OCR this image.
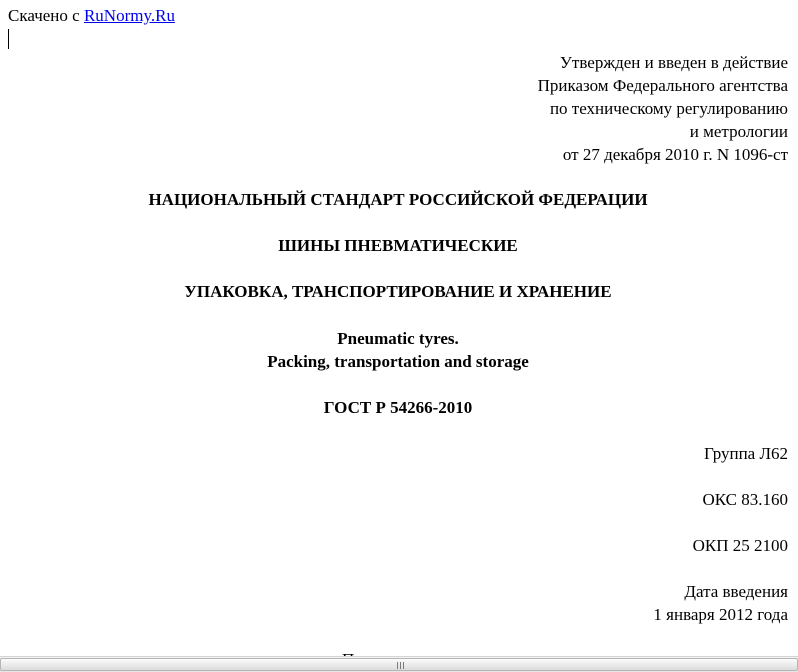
Скачено с RuNormy.Ru
Утвержден и введен в действие
Приказом Федерального агентства
по техническому регулированию
и метрологии
от 27 декабря 2010 г. N 1096-ст
НАЦИОНАЛЬНЫЙ СТАНДАРТ РОССИЙСКОЙ ФЕДЕРАЦИИ
ШИНЫ ПНЕВМАТИЧЕСКИЕ
УПАКОВКА, ТРАНСПОРТИРОВАНИЕ И ХРАНЕНИЕ
Pneumatic tyres.
Packing, transportation and storage
ГОСТ Р 54266-2010
Группа Л62
ОКС 83.160
ОКП 25 2100
Дата введения
1 января 2012 года
